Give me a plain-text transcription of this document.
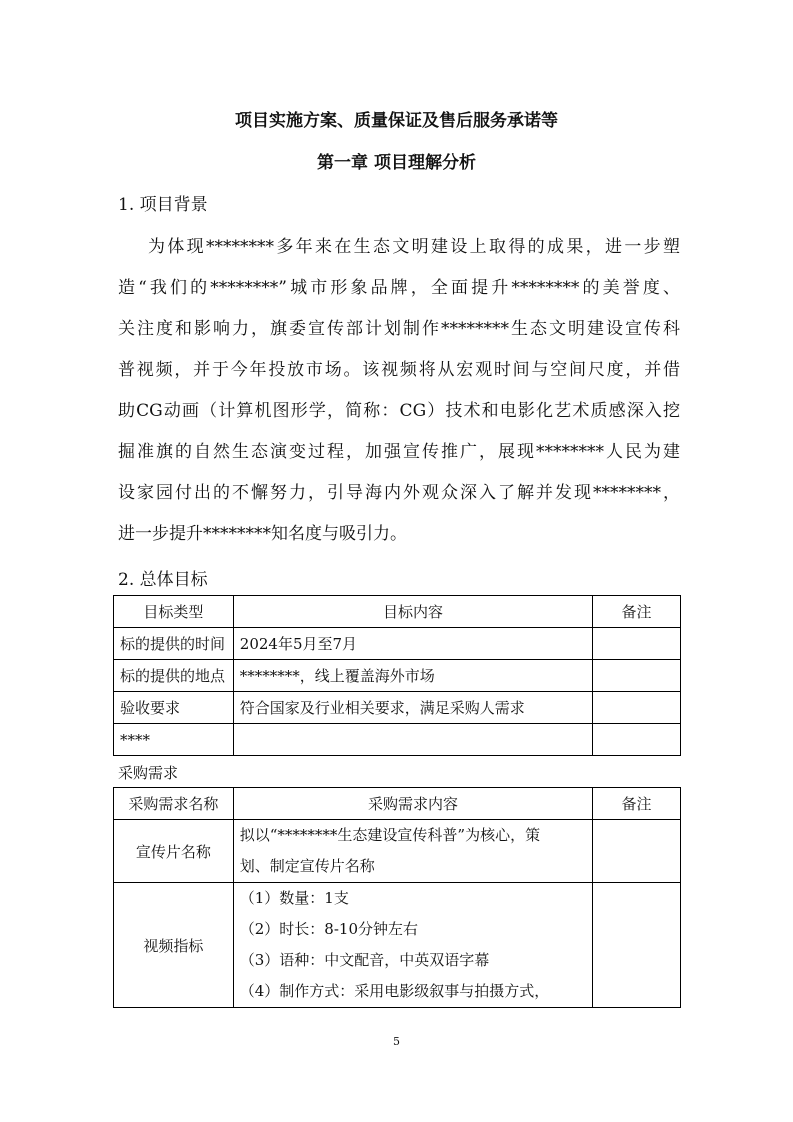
项目实施方案、质量保证及售后服务承诺等
第一章 项目理解分析
1. 项目背景
为体现********多年来在生态文明建设上取得的成果，进一步塑
造“我们的********”城市形象品牌，全面提升********的美誉度、
关注度和影响力，旗委宣传部计划制作********生态文明建设宣传科
普视频，并于今年投放市场。该视频将从宏观时间与空间尺度，并借
助CG动画（计算机图形学，简称：CG）技术和电影化艺术质感深入挖
掘准旗的自然生态演变过程，加强宣传推广，展现********人民为建
设家园付出的不懈努力，引导海内外观众深入了解并发现********，
进一步提升********知名度与吸引力。
2. 总体目标
目标类型	目标内容	备注
标的提供的时间	2024年5月至7月	
标的提供的地点	********，线上覆盖海外市场	
验收要求	符合国家及行业相关要求，满足采购人需求	
****		
采购需求
采购需求名称	采购需求内容	备注
宣传片名称	拟以“********生态建设宣传科普”为核心，策
划、制定宣传片名称	

视频指标	（1）数量：1支
（2）时长：8-10分钟左右
（3）语种：中文配音，中英双语字幕
（4）制作方式：采用电影级叙事与拍摄方式，	

5
